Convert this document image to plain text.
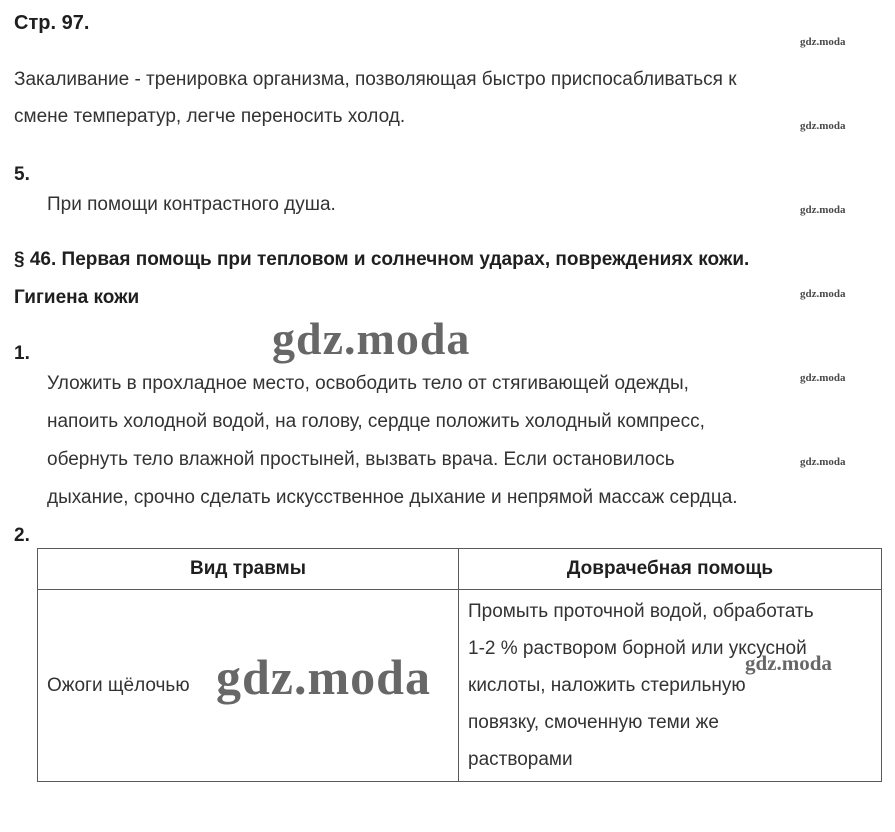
Стр. 97.
Закаливание - тренировка организма, позволяющая быстро приспосабливаться к
смене температур, легче переносить холод.
5.
При помощи контрастного душа.
§ 46. Первая помощь при тепловом и солнечном ударах, повреждениях кожи.
Гигиена кожи
1.
Уложить в прохладное место, освободить тело от стягивающей одежды,
напоить холодной водой, на голову, сердце положить холодный компресс,
обернуть тело влажной простыней, вызвать врача. Если остановилось
дыхание, срочно сделать искусственное дыхание и непрямой массаж сердца.
2.
Вид травмы	Доврачебная помощь
Ожоги щёлочью	Промыть проточной водой, обработать
1-2 % раствором борной или уксусной
кислоты, наложить стерильную
повязку, смоченную теми же
растворами
gdz.moda
gdz.moda
gdz.moda
gdz.moda
gdz.moda
gdz.moda
gdz.moda
gdz.moda	gdz.moda
